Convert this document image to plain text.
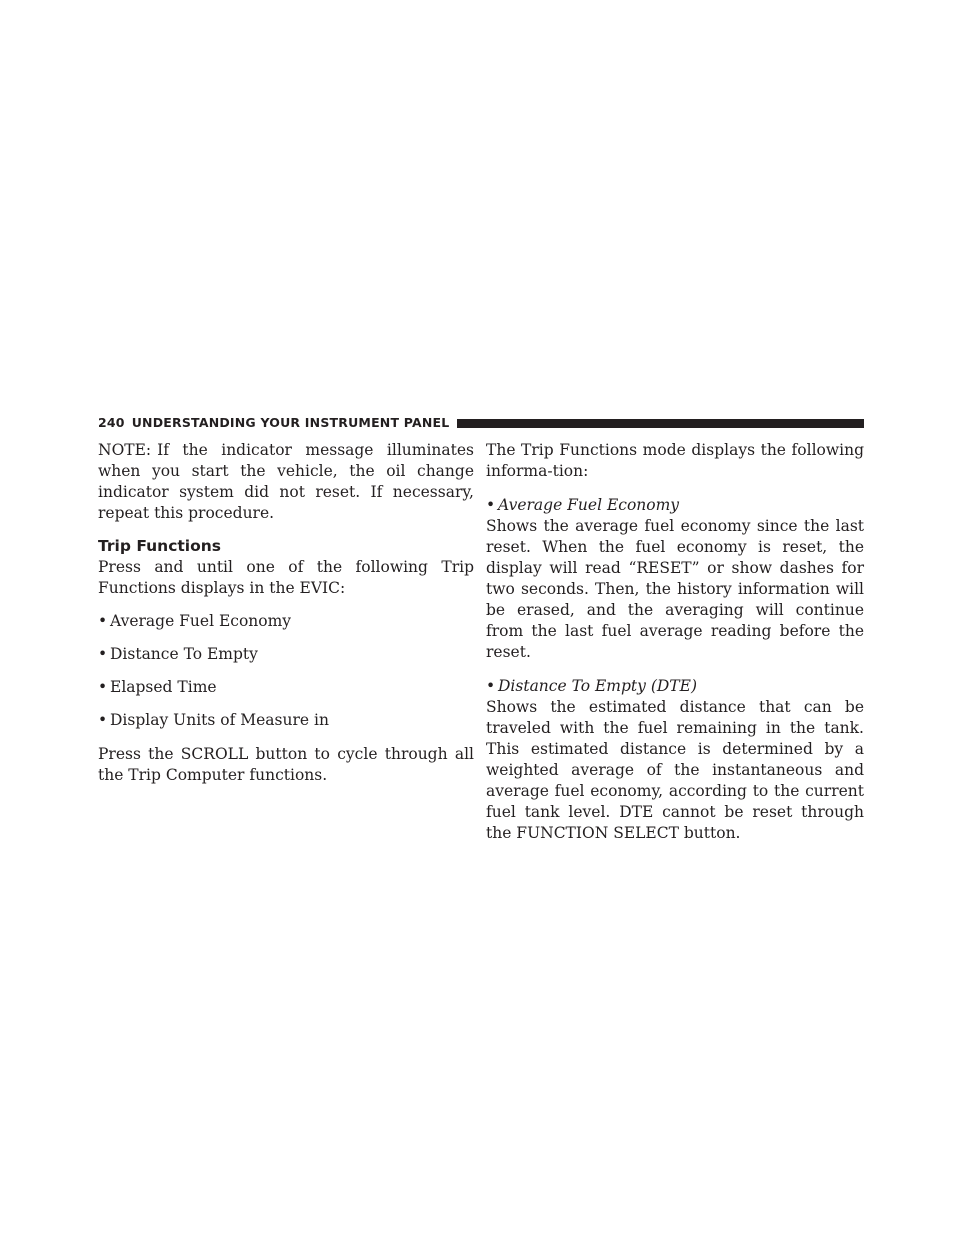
240 UNDERSTANDING YOUR INSTRUMENT PANEL

NOTE: If the indicator message illuminates when you start the vehicle, the oil change indicator system did not reset. If necessary, repeat this procedure.

Trip Functions

Press and until one of the following Trip Functions displays in the EVIC:

• Average Fuel Economy
• Distance To Empty
• Elapsed Time
• Display Units of Measure in

Press the SCROLL button to cycle through all the Trip Computer functions.

The Trip Functions mode displays the following informa-tion:

• Average Fuel Economy

Shows the average fuel economy since the last reset. When the fuel economy is reset, the display will read “RESET” or show dashes for two seconds. Then, the history information will be erased, and the averaging will continue from the last fuel average reading before the reset.

• Distance To Empty (DTE)

Shows the estimated distance that can be traveled with the fuel remaining in the tank. This estimated distance is determined by a weighted average of the instantaneous and average fuel economy, according to the current fuel tank level. DTE cannot be reset through the FUNCTION SELECT button.
